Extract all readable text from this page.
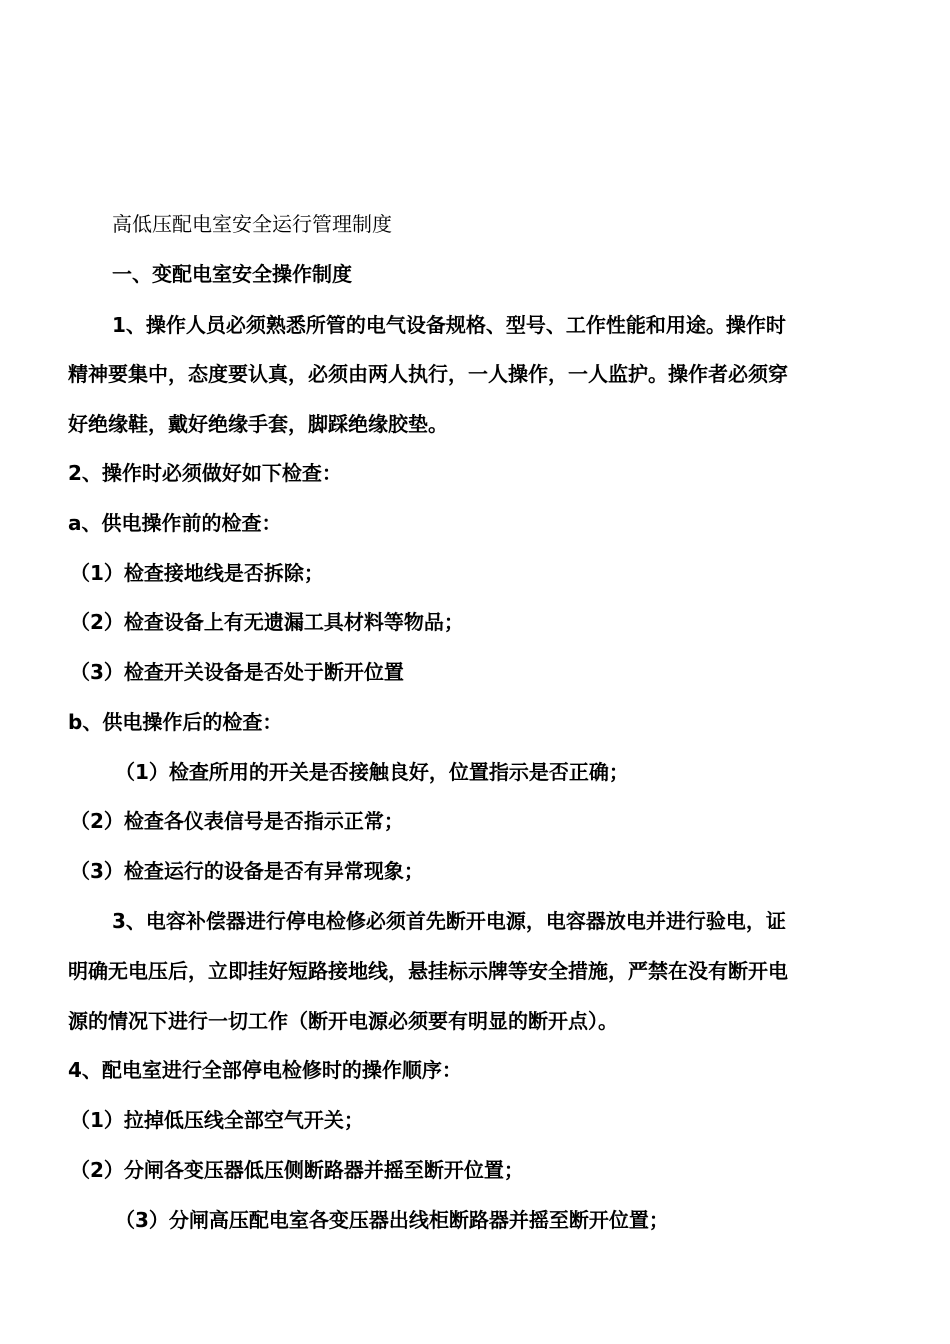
高低压配电室安全运行管理制度
一、变配电室安全操作制度
1、操作人员必须熟悉所管的电气设备规格、型号、工作性能和用途。操作时
精神要集中，态度要认真，必须由两人执行，一人操作，一人监护。操作者必须穿
好绝缘鞋，戴好绝缘手套，脚踩绝缘胶垫。
2、操作时必须做好如下检查：
a、供电操作前的检查：
（1）检查接地线是否拆除；
（2）检查设备上有无遗漏工具材料等物品；
（3）检查开关设备是否处于断开位置
b、供电操作后的检查：
（1）检查所用的开关是否接触良好，位置指示是否正确；
（2）检查各仪表信号是否指示正常；
（3）检查运行的设备是否有异常现象；
3、电容补偿器进行停电检修必须首先断开电源，电容器放电并进行验电，证
明确无电压后，立即挂好短路接地线，悬挂标示牌等安全措施，严禁在没有断开电
源的情况下进行一切工作（断开电源必须要有明显的断开点）。
4、配电室进行全部停电检修时的操作顺序：
（1）拉掉低压线全部空气开关；
（2）分闸各变压器低压侧断路器并摇至断开位置；
（3）分闸高压配电室各变压器出线柜断路器并摇至断开位置；
